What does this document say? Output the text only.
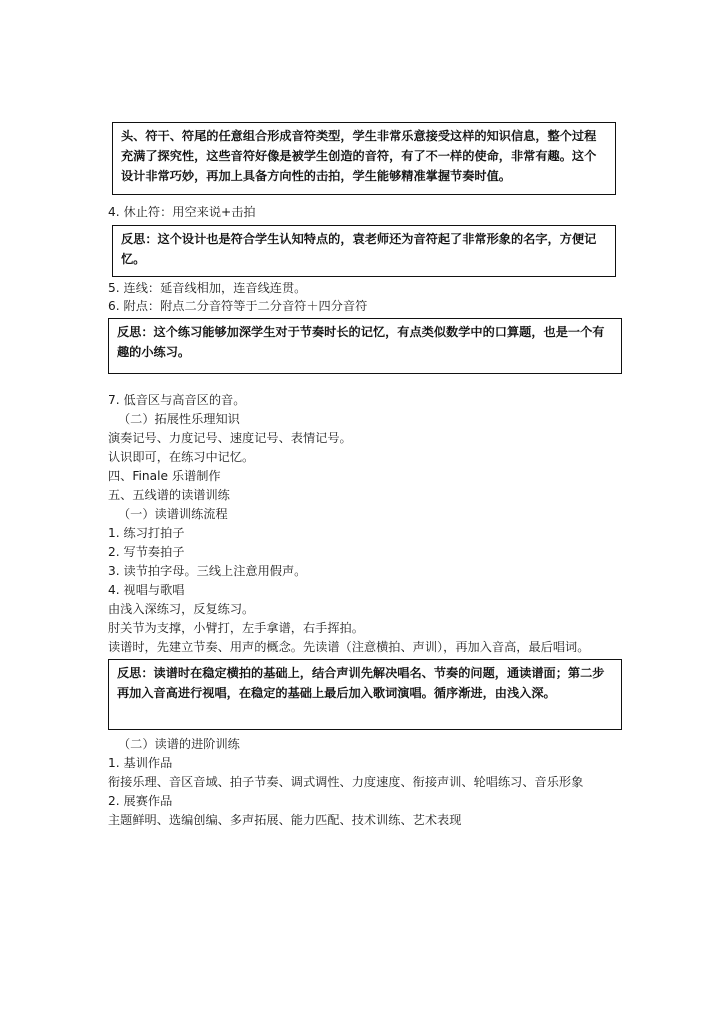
头、符干、符尾的任意组合形成音符类型，学生非常乐意接受这样的知识信息，整个过程充满了探究性，这些音符好像是被学生创造的音符，有了不一样的使命，非常有趣。这个设计非常巧妙，再加上具备方向性的击拍，学生能够精准掌握节奏时值。
4. 休止符：用空来说+击拍
反思：这个设计也是符合学生认知特点的，袁老师还为音符起了非常形象的名字，方便记忆。
5. 连线：延音线相加，连音线连贯。
6. 附点：附点二分音符等于二分音符＋四分音符
反思：这个练习能够加深学生对于节奏时长的记忆，有点类似数学中的口算题，也是一个有趣的小练习。
7. 低音区与高音区的音。
（二）拓展性乐理知识
演奏记号、力度记号、速度记号、表情记号。
认识即可，在练习中记忆。
四、Finale 乐谱制作
五、五线谱的读谱训练
（一）读谱训练流程
1. 练习打拍子
2. 写节奏拍子
3. 读节拍字母。三线上注意用假声。
4. 视唱与歌唱
由浅入深练习，反复练习。
肘关节为支撑，小臂打，左手拿谱，右手挥拍。
读谱时，先建立节奏、用声的概念。先读谱（注意横拍、声训），再加入音高，最后唱词。
反思：读谱时在稳定横拍的基础上，结合声训先解决唱名、节奏的问题，通读谱面；第二步再加入音高进行视唱，在稳定的基础上最后加入歌词演唱。循序渐进，由浅入深。
（二）读谱的进阶训练
1. 基训作品
衔接乐理、音区音域、拍子节奏、调式调性、力度速度、衔接声训、轮唱练习、音乐形象
2. 展赛作品
主题鲜明、选编创编、多声拓展、能力匹配、技术训练、艺术表现
